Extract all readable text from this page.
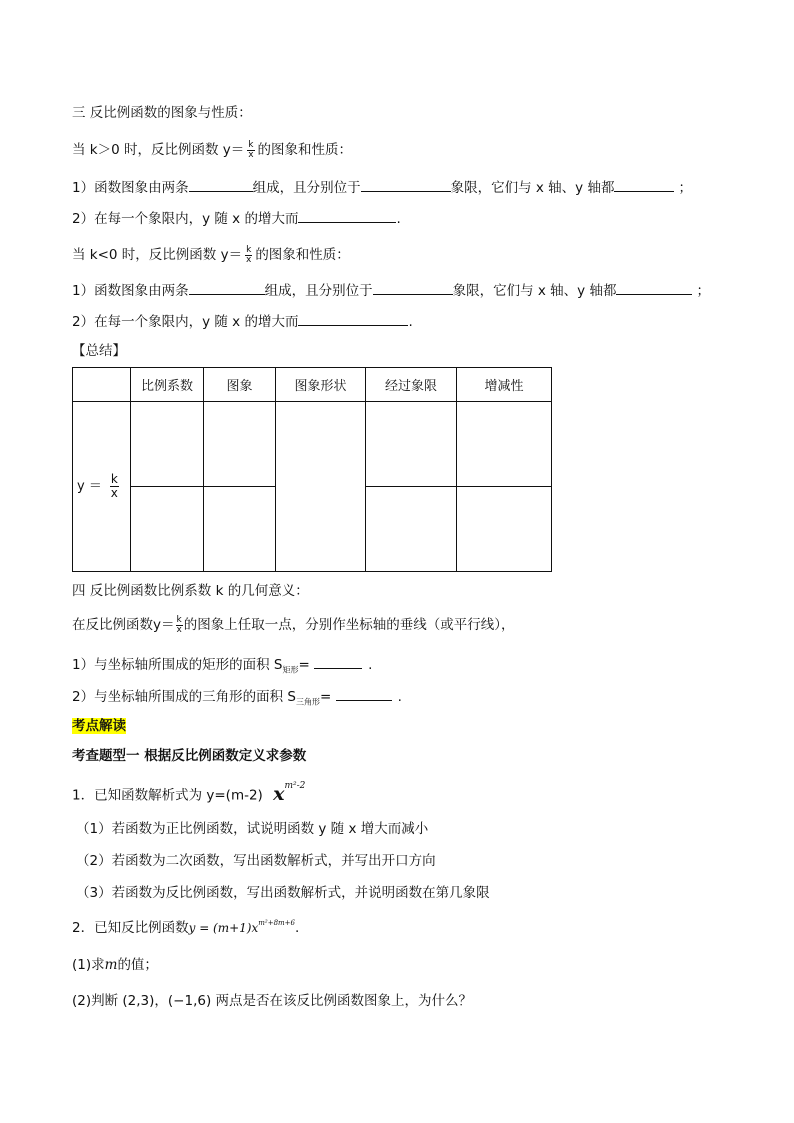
三 反比例函数的图象与性质：
当 k＞0 时，反比例函数 $y= \frac{k}{x}$ 的图象和性质：
1）函数图象由两条	组成，且分别位于	象限，它们与 x 轴、y 轴都	；
2）在每一个象限内，y 随 x 的增大而	.
当 k<0 时，反比例函数 $y= \frac{k}{x}$ 的图象和性质：
1）函数图象由两条	组成，且分别位于	象限，它们与 x 轴、y 轴都	；
2）在每一个象限内，y 随 x 的增大而	.
【总结】
	比例系数	图象	图象形状	经过象限	增减性
$y = \frac{k}{x}$

四 反比例函数比例系数 k 的几何意义：
在反比例函数$y= \frac{k}{x}$ 的图象上任取一点，分别作坐标轴的垂线（或平行线），
1）与坐标轴所围成的矩形的面积 $S_{矩形}=$	.
2）与坐标轴所围成的三角形的面积 $S_{三角形}=$	.
考点解读
考查题型一 根据反比例函数定义求参数
1．已知函数解析式为 y=(m-2) $x^{m^2-2}$
（1）若函数为正比例函数，试说明函数 y 随 x 增大而减小
（2）若函数为二次函数，写出函数解析式，并写出开口方向
（3）若函数为反比例函数，写出函数解析式，并说明函数在第几象限
2．已知反比例函数$y = (m+1)x^{m^2+8m+6}$.
(1)求m的值；
(2)判断 (2,3)，(−1,6) 两点是否在该反比例函数图象上，为什么？
